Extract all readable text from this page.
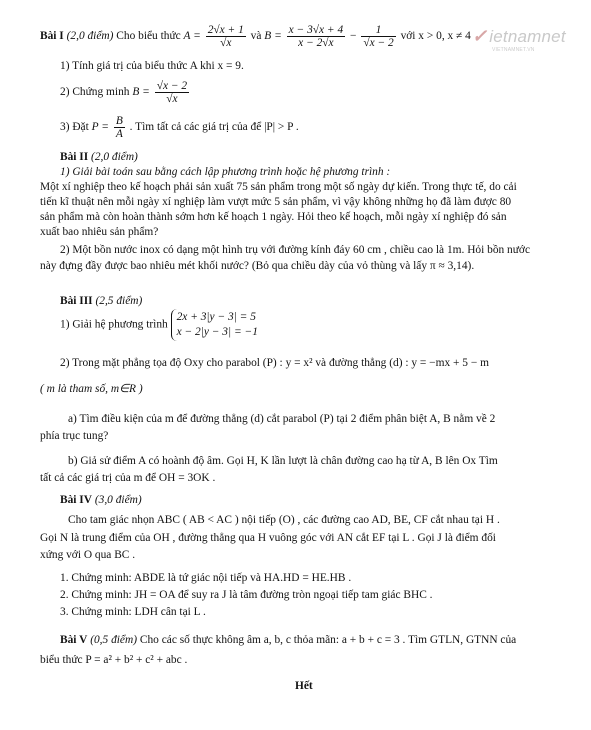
Bài I (2,0 điểm) Cho biểu thức $A = \frac{2√x + 1}{√x}$ và $B = \frac{x - 3√x + 4}{x - 2√x} - \frac{1}{√x - 2}$ với x > 0, x ≠ 4 ✓ ietnamnet
VIETNAMNET.VN
1) Tính giá trị của biểu thức A khi x = 9.
2) Chứng minh $B = \frac{√x - 2}{√x}$
3) Đặt $P = \frac{B}{A}$ . Tìm tất cả các giá trị của để |P| > P .
Bài II (2,0 điểm)
1) Giải bài toán sau bằng cách lập phương trình hoặc hệ phương trình :
Một xí nghiệp theo kế hoạch phải sản xuất 75 sản phẩm trong một số ngày dự kiến. Trong thực tế, do cải
tiến kĩ thuật nên mỗi ngày xí nghiệp làm vượt mức 5 sản phẩm, vì vậy không những họ đã làm được 80
sản phẩm mà còn hoàn thành sớm hơn kế hoạch 1 ngày. Hỏi theo kế hoạch, mỗi ngày xí nghiệp đó sản
xuất bao nhiêu sản phẩm?
2) Một bồn nước inox có dạng một hình trụ với đường kính đáy 60 cm , chiều cao là 1m. Hỏi bồn nước
này đựng đầy được bao nhiêu mét khối nước? (Bỏ qua chiều dày của vỏ thùng và lấy π ≈ 3,14).
Bài III (2,5 điểm)
1) Giải hệ phương trình
2x + 3|y − 3| = 5
x − 2|y − 3| = −1
2) Trong mặt phẳng tọa độ Oxy cho parabol (P) : y = x² và đường thẳng (d) : y = −mx + 5 − m
( m là tham số, m∈R )
a) Tìm điều kiện của m để đường thẳng (d) cắt parabol (P) tại 2 điểm phân biệt A, B nằm về 2
phía trục tung?
b) Giả sử điểm A có hoành độ âm. Gọi H, K lần lượt là chân đường cao hạ từ A, B lên Ox Tìm
tất cả các giá trị của m để OH = 3OK .
Bài IV (3,0 điểm)
Cho tam giác nhọn ABC ( AB < AC ) nội tiếp (O) , các đường cao AD, BE, CF cắt nhau tại H .
Gọi N là trung điểm của OH , đường thẳng qua H vuông góc với AN cắt EF tại L . Gọi J là điểm đối
xứng với O qua BC .
1. Chứng minh: ABDE là tứ giác nội tiếp và HA.HD = HE.HB .
2. Chứng minh: JH = OA để suy ra J là tâm đường tròn ngoại tiếp tam giác BHC .
3. Chứng minh: LDH cân tại L .
Bài V (0,5 điểm) Cho các số thực không âm a, b, c thỏa mãn: a + b + c = 3 . Tìm GTLN, GTNN của
biểu thức P = a² + b² + c² + abc .
Hết
